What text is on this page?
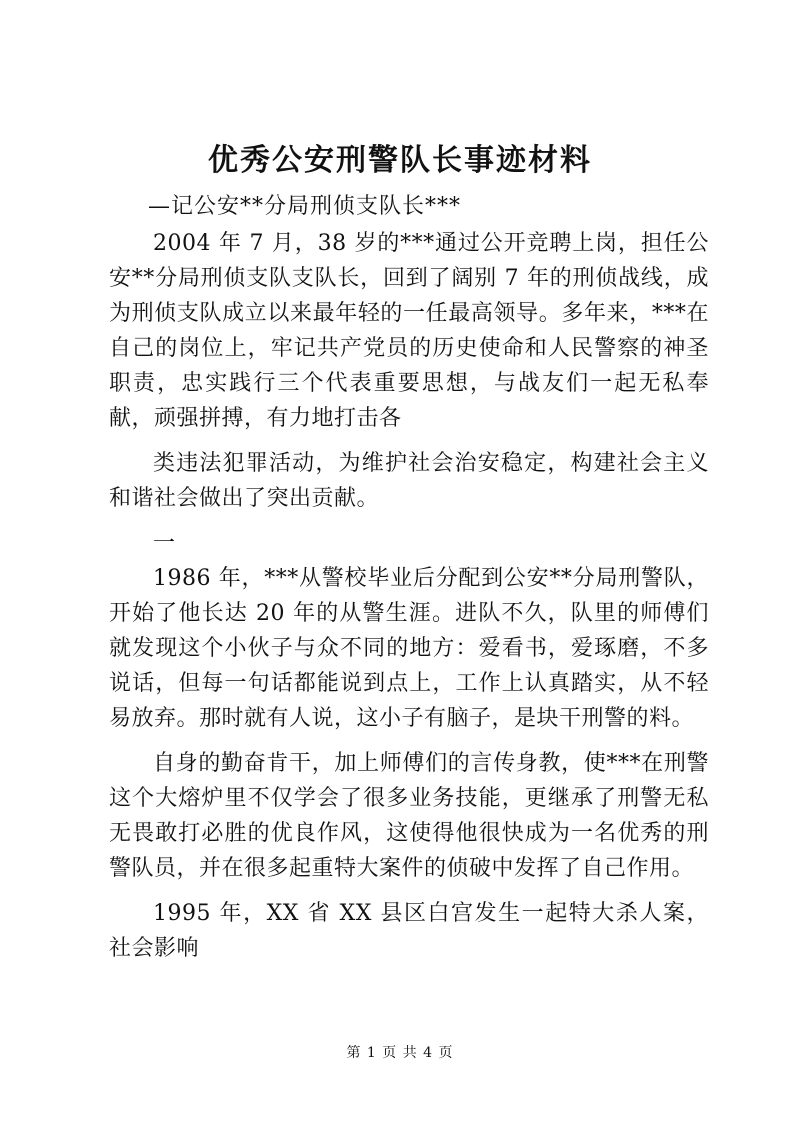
优秀公安刑警队长事迹材料
—记公安**分局刑侦支队长***

2004 年 7 月，38 岁的***通过公开竞聘上岗，担任公安**分局刑侦支队支队长，回到了阔别 7 年的刑侦战线，成为刑侦支队成立以来最年轻的一任最高领导。多年来，***在自己的岗位上，牢记共产党员的历史使命和人民警察的神圣职责，忠实践行三个代表重要思想，与战友们一起无私奉献，顽强拼搏，有力地打击各

类违法犯罪活动，为维护社会治安稳定，构建社会主义和谐社会做出了突出贡献。

一

1986 年，***从警校毕业后分配到公安**分局刑警队，开始了他长达 20 年的从警生涯。进队不久，队里的师傅们就发现这个小伙子与众不同的地方：爱看书，爱琢磨，不多说话，但每一句话都能说到点上，工作上认真踏实，从不轻易放弃。那时就有人说，这小子有脑子，是块干刑警的料。

自身的勤奋肯干，加上师傅们的言传身教，使***在刑警这个大熔炉里不仅学会了很多业务技能，更继承了刑警无私无畏敢打必胜的优良作风，这使得他很快成为一名优秀的刑警队员，并在很多起重特大案件的侦破中发挥了自己作用。

1995 年，XX 省 XX 县区白宫发生一起特大杀人案，社会影响

第 1 页 共 4 页
